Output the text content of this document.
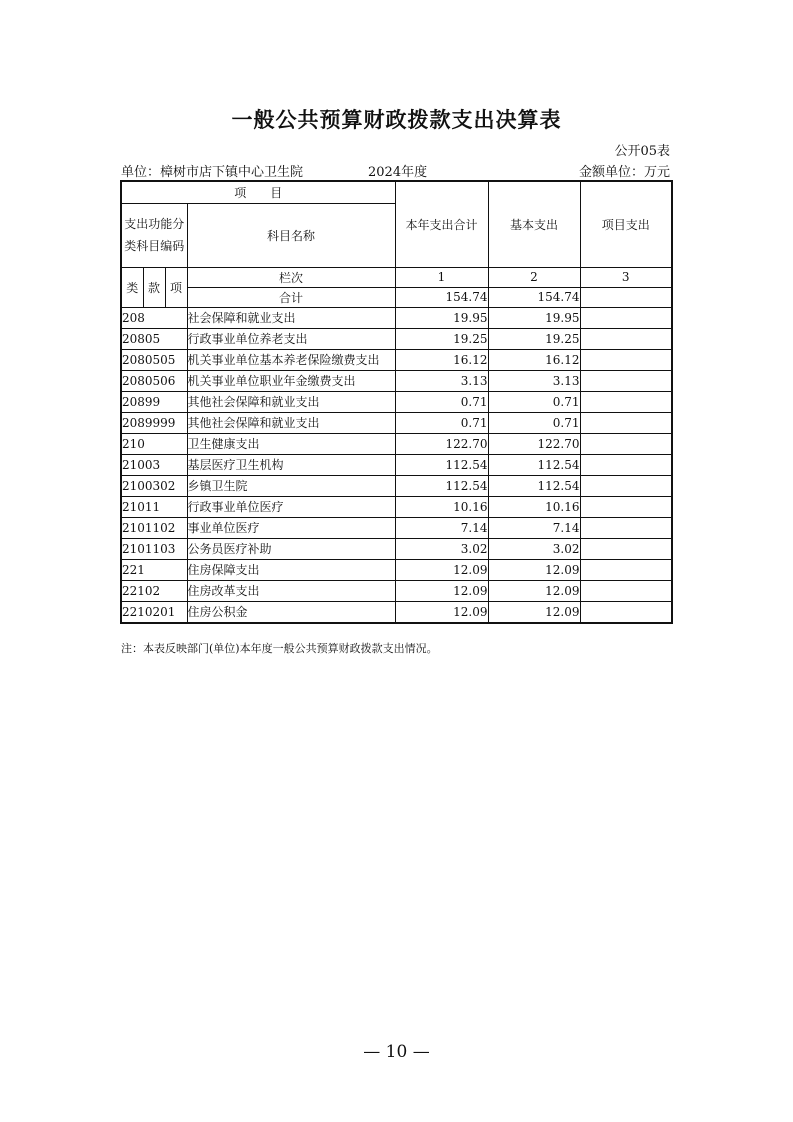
一般公共预算财政拨款支出决算表
公开05表
单位：樟树市店下镇中心卫生院	2024年度	金额单位：万元
项　　目				本年支出合计	基本支出	项目支出
支出功能分类科目编码			科目名称			

类	款	项	栏次	1	2	3
			合计	154.74	154.74	
208			社会保障和就业支出	19.95	19.95	
20805			行政事业单位养老支出	19.25	19.25	
2080505			机关事业单位基本养老保险缴费支出	16.12	16.12	
2080506			机关事业单位职业年金缴费支出	3.13	3.13	
20899			其他社会保障和就业支出	0.71	0.71	
2089999			其他社会保障和就业支出	0.71	0.71	
210			卫生健康支出	122.70	122.70	
21003			基层医疗卫生机构	112.54	112.54	
2100302			乡镇卫生院	112.54	112.54	
21011			行政事业单位医疗	10.16	10.16	
2101102			事业单位医疗	7.14	7.14	
2101103			公务员医疗补助	3.02	3.02	
221			住房保障支出	12.09	12.09	
22102			住房改革支出	12.09	12.09	
2210201			住房公积金	12.09	12.09	
注：本表反映部门(单位)本年度一般公共预算财政拨款支出情况。
— 10 —
